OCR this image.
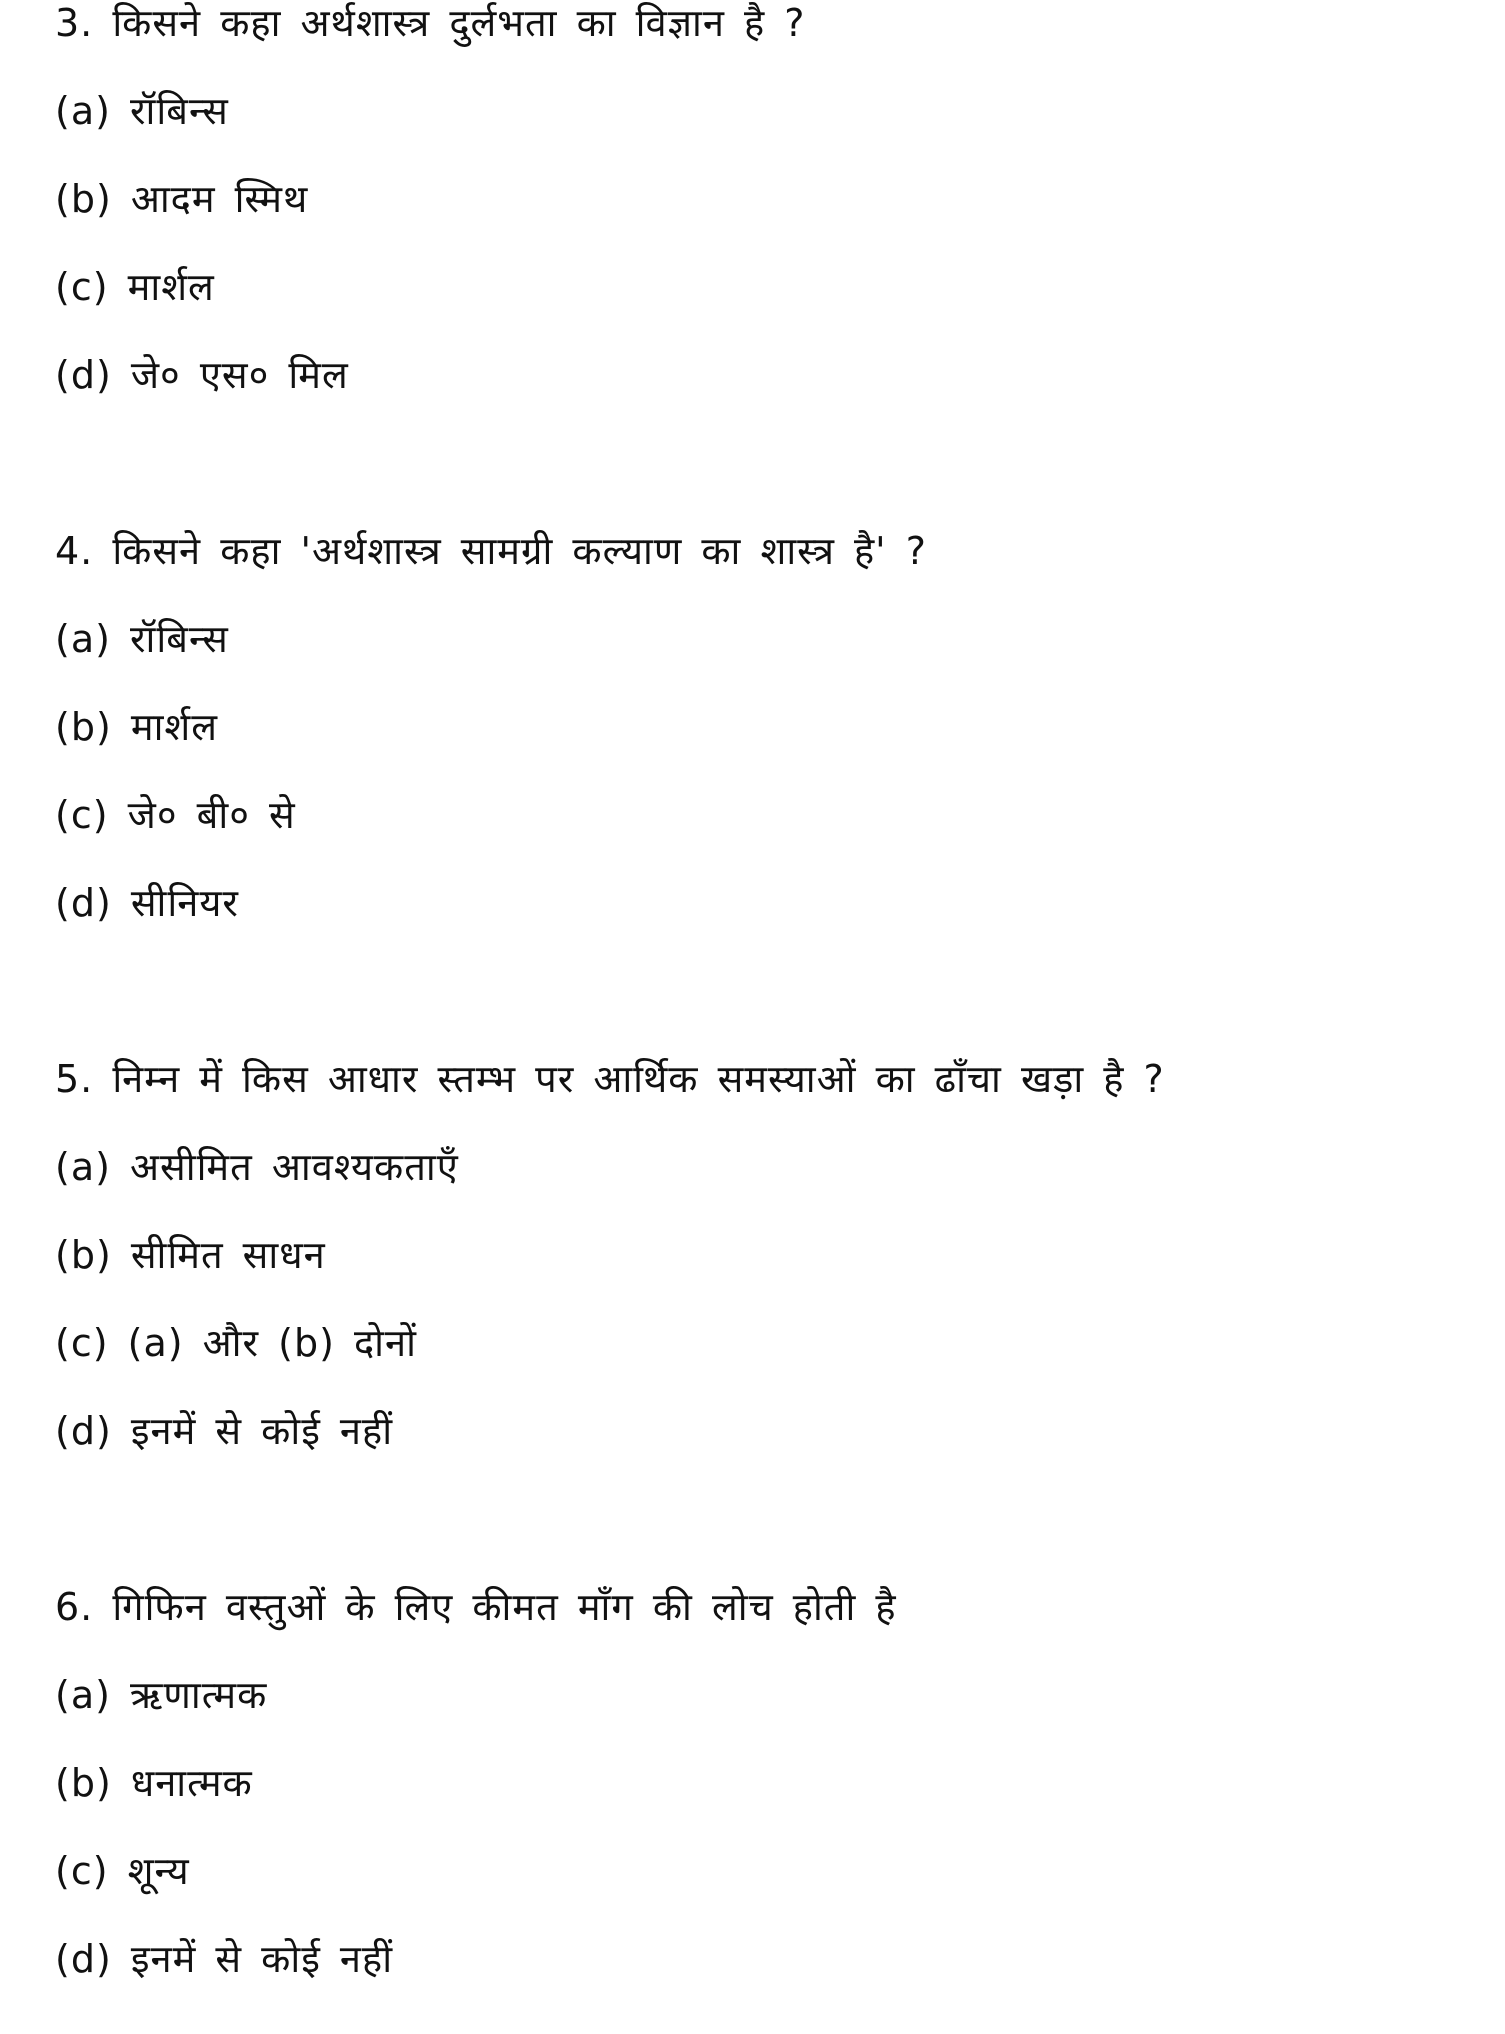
3. किसने कहा अर्थशास्त्र दुर्लभता का विज्ञान है ?
(a) रॉबिन्स
(b) आदम स्मिथ
(c) मार्शल
(d) जे० एस० मिल
4. किसने कहा 'अर्थशास्त्र सामग्री कल्याण का शास्त्र है' ?
(a) रॉबिन्स
(b) मार्शल
(c) जे० बी० से
(d) सीनियर
5. निम्न में किस आधार स्तम्भ पर आर्थिक समस्याओं का ढाँचा खड़ा है ?
(a) असीमित आवश्यकताएँ
(b) सीमित साधन
(c) (a) और (b) दोनों
(d) इनमें से कोई नहीं
6. गिफिन वस्तुओं के लिए कीमत माँग की लोच होती है
(a) ऋणात्मक
(b) धनात्मक
(c) शून्य
(d) इनमें से कोई नहीं
